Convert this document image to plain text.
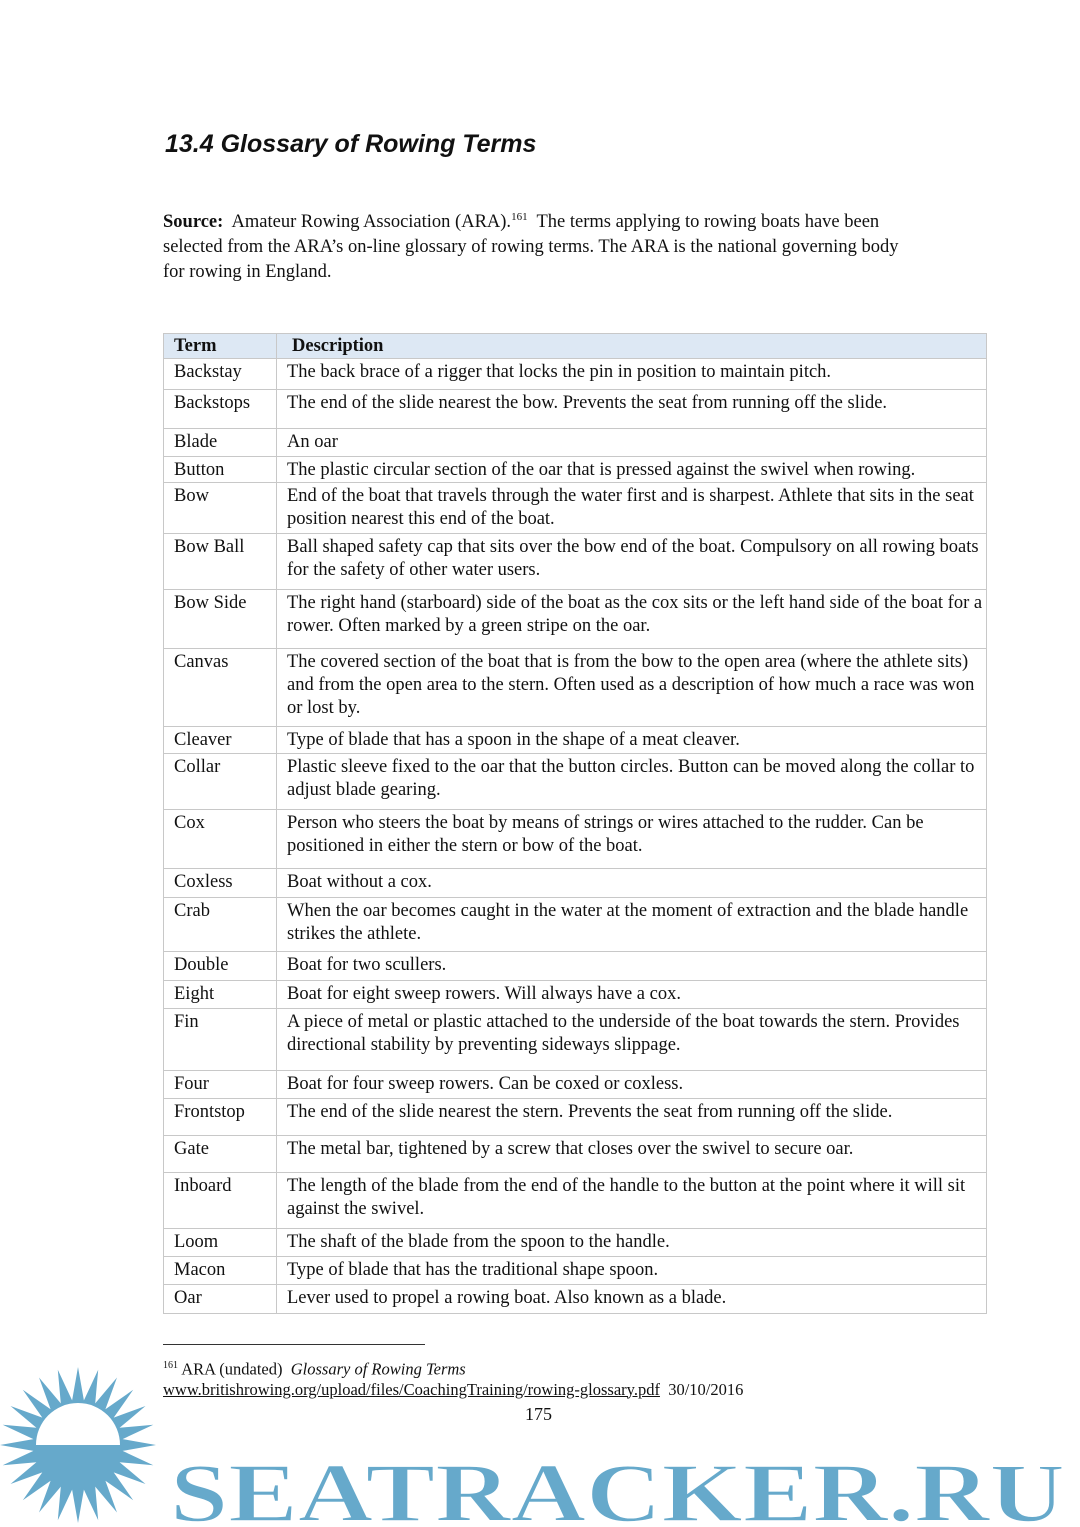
13.4 Glossary of Rowing Terms
Source: Amateur Rowing Association (ARA).$^{161}$ The terms applying to rowing boats have been selected from the ARA’s on-line glossary of rowing terms. The ARA is the national governing body for rowing in England.
Term	Description
Backstay	The back brace of a rigger that locks the pin in position to maintain pitch.
Backstops	The end of the slide nearest the bow. Prevents the seat from running off the slide.
Blade	An oar
Button	The plastic circular section of the oar that is pressed against the swivel when rowing.
Bow	End of the boat that travels through the water first and is sharpest. Athlete that sits in the seat position nearest this end of the boat.
Bow Ball	Ball shaped safety cap that sits over the bow end of the boat. Compulsory on all rowing boats for the safety of other water users.
Bow Side	The right hand (starboard) side of the boat as the cox sits or the left hand side of the boat for a rower. Often marked by a green stripe on the oar.
Canvas	The covered section of the boat that is from the bow to the open area (where the athlete sits) and from the open area to the stern. Often used as a description of how much a race was won or lost by.
Cleaver	Type of blade that has a spoon in the shape of a meat cleaver.
Collar	Plastic sleeve fixed to the oar that the button circles. Button can be moved along the collar to adjust blade gearing.
Cox	Person who steers the boat by means of strings or wires attached to the rudder. Can be positioned in either the stern or bow of the boat.
Coxless	Boat without a cox.
Crab	When the oar becomes caught in the water at the moment of extraction and the blade handle strikes the athlete.
Double	Boat for two scullers.
Eight	Boat for eight sweep rowers. Will always have a cox.
Fin	A piece of metal or plastic attached to the underside of the boat towards the stern. Provides directional stability by preventing sideways slippage.
Four	Boat for four sweep rowers. Can be coxed or coxless.
Frontstop	The end of the slide nearest the stern. Prevents the seat from running off the slide.
Gate	The metal bar, tightened by a screw that closes over the swivel to secure oar.
Inboard	The length of the blade from the end of the handle to the button at the point where it will sit against the swivel.
Loom	The shaft of the blade from the spoon to the handle.
Macon	Type of blade that has the traditional shape spoon.
Oar	Lever used to propel a rowing boat. Also known as a blade.
$^{161}$ ARA (undated) Glossary of Rowing Terms
www.britishrowing.org/upload/files/CoachingTraining/rowing-glossary.pdf 30/10/2016
175
SEATRACKER.RU
